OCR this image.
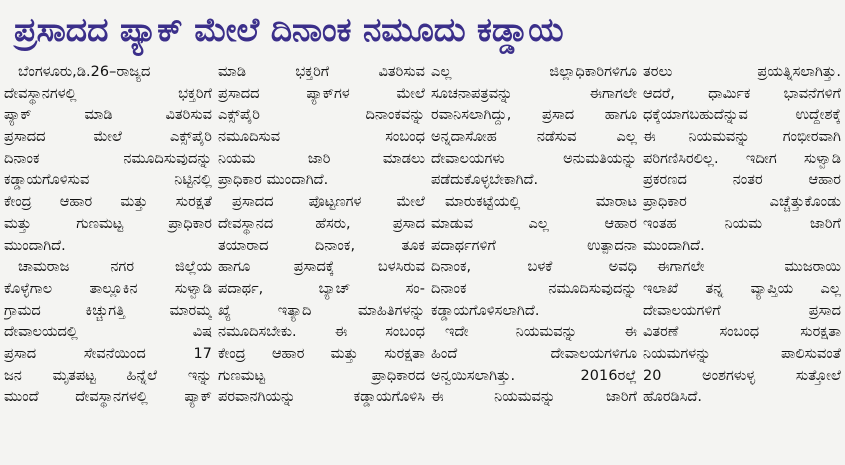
ಪ್ರಸಾದದ ಪ್ಯಾಕ್ ಮೇಲೆ ದಿನಾಂಕ ನಮೂದು ಕಡ್ಡಾಯ
ಬೆಂಗಳೂರು,ಡಿ.26–ರಾಜ್ಯದ
ದೇವಸ್ಥಾನಗಳಲ್ಲಿ ಭಕ್ತರಿಗೆ
ಪ್ಯಾಕ್ ಮಾಡಿ ವಿತರಿಸುವ
ಪ್ರಸಾದದ ಮೇಲೆ ಎಕ್ಸ್‌ಪೈರಿ
ದಿನಾಂಕ ನಮೂದಿಸುವುದನ್ನು
ಕಡ್ಡಾಯಗೊಳಿಸುವ ನಿಟ್ಟಿನಲ್ಲಿ
ಕೇಂದ್ರ ಆಹಾರ ಮತ್ತು ಸುರಕ್ಷತೆ
ಮತ್ತು ಗುಣಮಟ್ಟ ಪ್ರಾಧಿಕಾರ
ಮುಂದಾಗಿದೆ.
ಚಾಮರಾಜ ನಗರ ಜಿಲ್ಲೆಯ
ಕೊಳ್ಳೆಗಾಲ ತಾಲ್ಲೂಕಿನ ಸುಳ್ವಾಡಿ
ಗ್ರಾಮದ ಕಿಚ್ಚುಗತ್ತಿ ಮಾರಮ್ಮ
ದೇವಾಲಯದಲ್ಲಿ ವಿಷ
ಪ್ರಸಾದ ಸೇವನೆಯಿಂದ 17
ಜನ ಮೃತಪಟ್ಟ ಹಿನ್ನೆಲೆ ಇನ್ನು
ಮುಂದೆ ದೇವಸ್ಥಾನಗಳಲ್ಲಿ ಪ್ಯಾಕ್
ಮಾಡಿ ಭಕ್ತರಿಗೆ ವಿತರಿಸುವ
ಪ್ರಸಾದದ ಪ್ಯಾಕ್‌ಗಳ ಮೇಲೆ
ಎಕ್ಸ್‌ಪೈರಿ ದಿನಾಂಕವನ್ನು
ನಮೂದಿಸುವ ಸಂಬಂಧ
ನಿಯಮ ಜಾರಿ ಮಾಡಲು
ಪ್ರಾಧಿಕಾರ ಮುಂದಾಗಿದೆ.
ಪ್ರಸಾದದ ಪೊಟ್ಟಣಗಳ ಮೇಲೆ
ದೇವಸ್ಥಾನದ ಹೆಸರು, ಪ್ರಸಾದ
ತಯಾರಾದ ದಿನಾಂಕ, ತೂಕ
ಹಾಗೂ ಪ್ರಸಾದಕ್ಕೆ ಬಳಸಿರುವ
ಪದಾರ್ಥ, ಬ್ಯಾಚ್ ಸಂ-
ಖ್ಯೆ ಇತ್ಯಾದಿ ಮಾಹಿತಿಗಳನ್ನು
ನಮೂದಿಸಬೇಕು. ಈ ಸಂಬಂಧ
ಕೇಂದ್ರ ಆಹಾರ ಮತ್ತು ಸುರಕ್ಷತಾ
ಗುಣಮಟ್ಟ ಪ್ರಾಧಿಕಾರದ
ಪರವಾನಗಿಯನ್ನು ಕಡ್ಡಾಯಗೊಳಿಸಿ
ಎಲ್ಲ ಜಿಲ್ಲಾಧಿಕಾರಿಗಳಿಗೂ
ಸೂಚನಾಪತ್ರವನ್ನು ಈಗಾಗಲೇ
ರವಾನಿಸಲಾಗಿದ್ದು, ಪ್ರಸಾದ ಹಾಗೂ
ಅನ್ನದಾಸೋಹ ನಡೆಸುವ ಎಲ್ಲ
ದೇವಾಲಯಗಳು ಅನುಮತಿಯನ್ನು
ಪಡೆದುಕೊಳ್ಳಬೇಕಾಗಿದೆ.
ಮಾರುಕಟ್ಟೆಯಲ್ಲಿ ಮಾರಾಟ
ಮಾಡುವ ಎಲ್ಲ ಆಹಾರ
ಪದಾರ್ಥಗಳಿಗೆ ಉತ್ಪಾದನಾ
ದಿನಾಂಕ, ಬಳಕೆ ಅವಧಿ
ದಿನಾಂಕ ನಮೂದಿಸುವುದನ್ನು
ಕಡ್ಡಾಯಗೊಳಿಸಲಾಗಿದೆ.
ಇದೇ ನಿಯಮವನ್ನು ಈ
ಹಿಂದೆ ದೇವಾಲಯಗಳಿಗೂ
ಅನ್ವಯಿಸಲಾಗಿತ್ತು. 2016ರಲ್ಲೆ
ಈ ನಿಯಮವನ್ನು ಜಾರಿಗೆ
ತರಲು ಪ್ರಯತ್ನಿಸಲಾಗಿತ್ತು.
ಆದರೆ, ಧಾರ್ಮಿಕ ಭಾವನೆಗಳಿಗೆ
ಧಕ್ಕೆಯಾಗಬಹುದೆನ್ನುವ ಉದ್ದೇಶಕ್ಕೆ
ಈ ನಿಯಮವನ್ನು ಗಂಭೀರವಾಗಿ
ಪರಿಗಣಿಸಿರಲಿಲ್ಲ. ಇದೀಗ ಸುಳ್ವಾಡಿ
ಪ್ರಕರಣದ ನಂತರ ಆಹಾರ
ಪ್ರಾಧಿಕಾರ ಎಚ್ಚೆತ್ತುಕೊಂಡು
ಇಂತಹ ನಿಯಮ ಜಾರಿಗೆ
ಮುಂದಾಗಿದೆ.
ಈಗಾಗಲೇ ಮುಜರಾಯಿ
ಇಲಾಖೆ ತನ್ನ ವ್ಯಾಪ್ತಿಯ ಎಲ್ಲ
ದೇವಾಲಯಗಳಿಗೆ ಪ್ರಸಾದ
ವಿತರಣೆ ಸಂಬಂಧ ಸುರಕ್ಷತಾ
ನಿಯಮಗಳನ್ನು ಪಾಲಿಸುವಂತೆ
20 ಅಂಶಗಳುಳ್ಳ ಸುತ್ತೋಲೆ
ಹೊರಡಿಸಿದೆ.
